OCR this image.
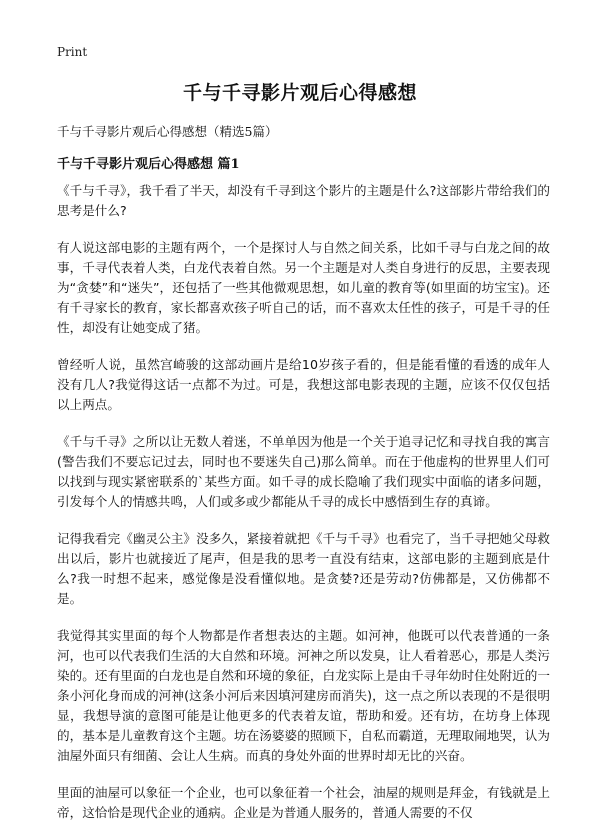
Print
千与千寻影片观后心得感想
千与千寻影片观后心得感想（精选5篇）
千与千寻影片观后心得感想 篇1

《千与千寻》，我千看了半天，却没有千寻到这个影片的主题是什么?这部影片带给我们的思考是什么?

有人说这部电影的主题有两个，一个是探讨人与自然之间关系，比如千寻与白龙之间的故事，千寻代表着人类，白龙代表着自然。另一个主题是对人类自身进行的反思，主要表现为“贪婪”和“迷失”，还包括了一些其他微观思想，如儿童的教育等(如里面的坊宝宝)。还有千寻家长的教育，家长都喜欢孩子听自己的话，而不喜欢太任性的孩子，可是千寻的任性，却没有让她变成了猪。

曾经听人说，虽然宫崎骏的这部动画片是给10岁孩子看的，但是能看懂的看透的成年人没有几人?我觉得这话一点都不为过。可是，我想这部电影表现的主题，应该不仅仅包括以上两点。

《千与千寻》之所以让无数人着迷，不单单因为他是一个关于追寻记忆和寻找自我的寓言(警告我们不要忘记过去，同时也不要迷失自己)那么简单。而在于他虚构的世界里人们可以找到与现实紧密联系的`某些方面。如千寻的成长隐喻了我们现实中面临的诸多问题，引发每个人的情感共鸣，人们或多或少都能从千寻的成长中感悟到生存的真谛。

记得我看完《幽灵公主》没多久，紧接着就把《千与千寻》也看完了，当千寻把她父母救出以后，影片也就接近了尾声，但是我的思考一直没有结束，这部电影的主题到底是什么?我一时想不起来，感觉像是没看懂似地。是贪婪?还是劳动?仿佛都是，又仿佛都不是。

我觉得其实里面的每个人物都是作者想表达的主题。如河神，他既可以代表普通的一条河，也可以代表我们生活的大自然和环境。河神之所以发臭，让人看着恶心，那是人类污染的。还有里面的白龙也是自然和环境的象征，白龙实际上是由千寻年幼时住处附近的一条小河化身而成的河神(这条小河后来因填河建房而消失)，这一点之所以表现的不是很明显，我想导演的意图可能是让他更多的代表着友谊，帮助和爱。还有坊，在坊身上体现的，基本是儿童教育这个主题。坊在汤婆婆的照顾下，自私而霸道，无理取闹地哭，认为油屋外面只有细菌、会让人生病。而真的身处外面的世界时却无比的兴奋。

里面的油屋可以象征一个企业，也可以象征着一个社会，油屋的规则是拜金，有钱就是上帝，这恰恰是现代企业的通病。企业是为普通人服务的，普通人需要的不仅
